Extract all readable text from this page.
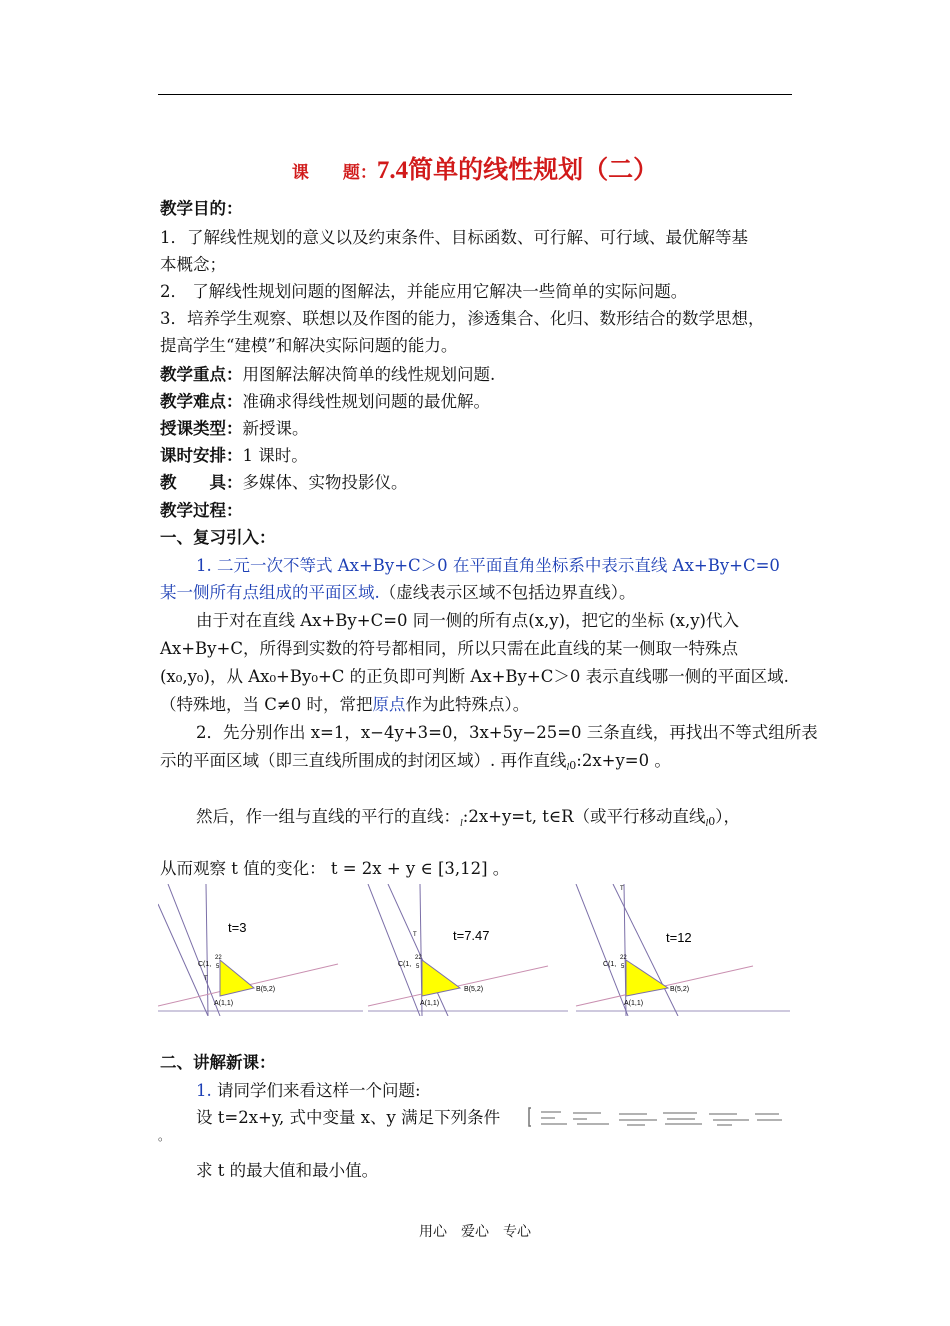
课　　题：7.4简单的线性规划（二）
教学目的：
1．了解线性规划的意义以及约束条件、目标函数、可行解、可行域、最优解等基
本概念；
2． 了解线性规划问题的图解法，并能应用它解决一些简单的实际问题。
3．培养学生观察、联想以及作图的能力，渗透集合、化归、数形结合的数学思想，
提高学生“建模”和解决实际问题的能力。
教学重点：用图解法解决简单的线性规划问题.
教学难点：准确求得线性规划问题的最优解。
授课类型：新授课。
课时安排：1 课时。
教　　具：多媒体、实物投影仪。
教学过程：
一、复习引入：
1. 二元一次不等式 Ax+By+C＞0 在平面直角坐标系中表示直线 Ax+By+C=0
某一侧所有点组成的平面区域.（虚线表示区域不包括边界直线）。
由于对在直线 Ax+By+C=0 同一侧的所有点(x,y)，把它的坐标 (x,y)代入
Ax+By+C，所得到实数的符号都相同，所以只需在此直线的某一侧取一特殊点
(x₀,y₀)，从 Ax₀+By₀+C 的正负即可判断 Ax+By+C＞0 表示直线哪一侧的平面区域.
（特殊地，当 C≠0 时，常把原点作为此特殊点）。
2．先分别作出 x=1，x−4y+3=0，3x+5y−25=0 三条直线，再找出不等式组所表
示的平面区域（即三直线所围成的封闭区域）. 再作直线$_{l0}$:2x+y=0 。
然后，作一组与直线的平行的直线：$_l$:2x+y=t, t∈R（或平行移动直线$_{l0}$），
从而观察 t 值的变化： t = 2x + y ∈ [3,12] 。
t=3
C(1,
22
5
B(5,2)
A(1,1)
T
t=7.47
C(1,
22
5
B(5,2)
A(1,1)
T	t=12
C(1,
22
5
B(5,2)
A(1,1)
T
二、讲解新课：
1. 请同学们来看这样一个问题:
设 t=2x+y, 式中变量 x、y 满足下列条件
。
求 t 的最大值和最小值。
用心　爱心　专心
